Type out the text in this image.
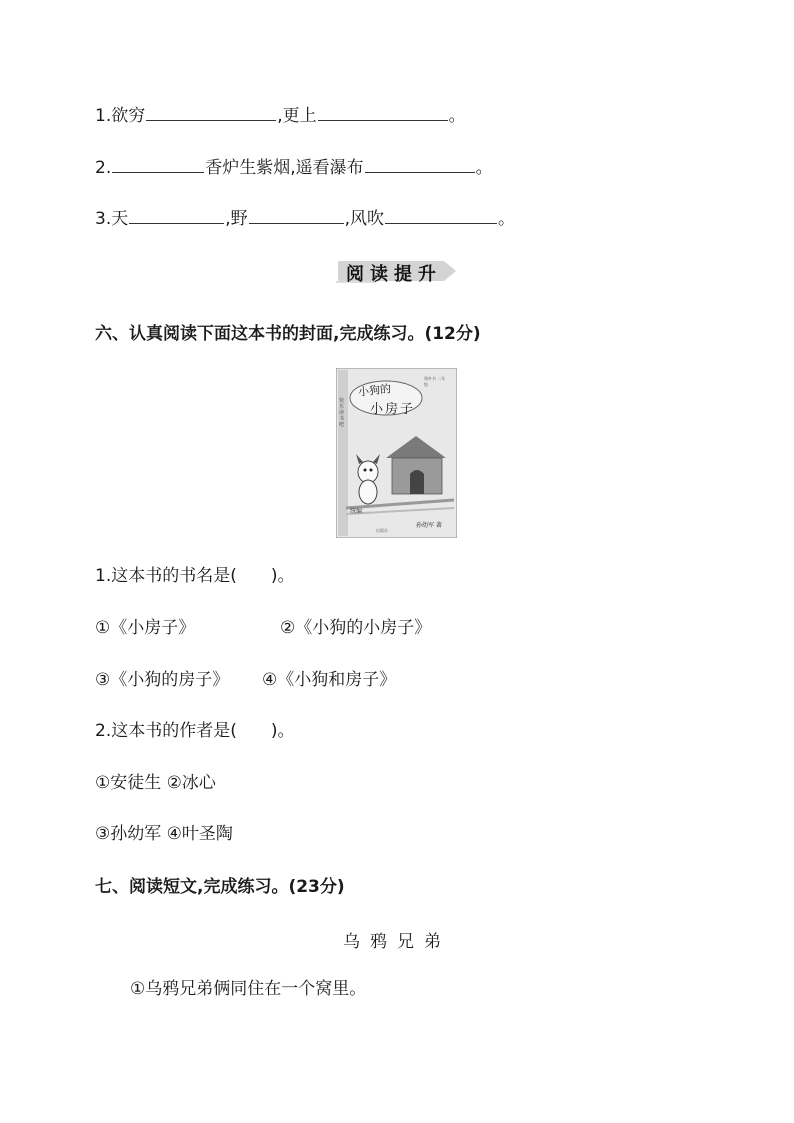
1.欲穷	,更上	。
2.	香炉生紫烟,遥看瀑布	。
3.天	,野	,风吹	。
阅读提升
六、认真阅读下面这本书的封面,完成练习。(12分)
小狗的
小房子
快乐读书吧
课外书 二年级
统编
孙幼军 著
出版社
1.这本书的书名是(　　)。
①《小房子》	②《小狗的小房子》
③《小狗的房子》 ④《小狗和房子》
2.这本书的作者是(　　)。
①安徒生 ②冰心
③孙幼军 ④叶圣陶
七、阅读短文,完成练习。(23分)
乌鸦兄弟
①乌鸦兄弟俩同住在一个窝里。
